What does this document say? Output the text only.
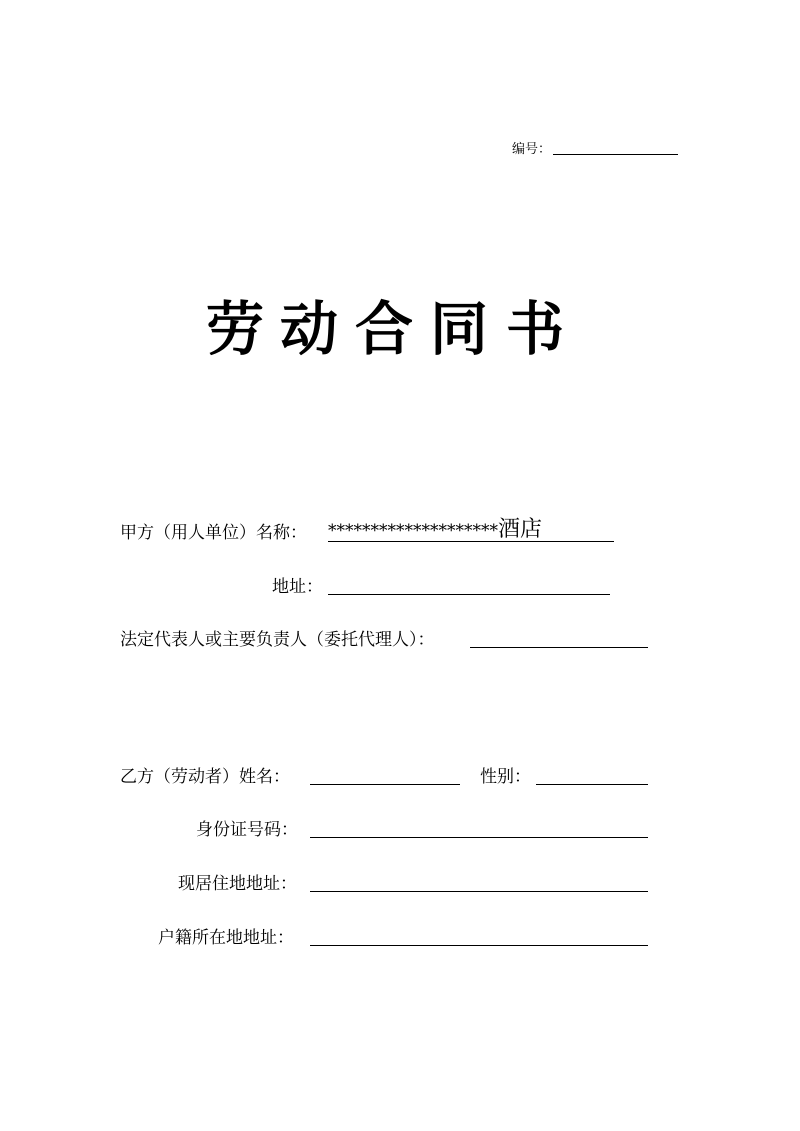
编号：
劳 动 合 同 书
甲方（用人单位）名称： ********************酒店
地址：
法定代表人或主要负责人（委托代理人）：
乙方（劳动者）姓名：	性别：
身份证号码：
现居住地地址：
户籍所在地地址：
